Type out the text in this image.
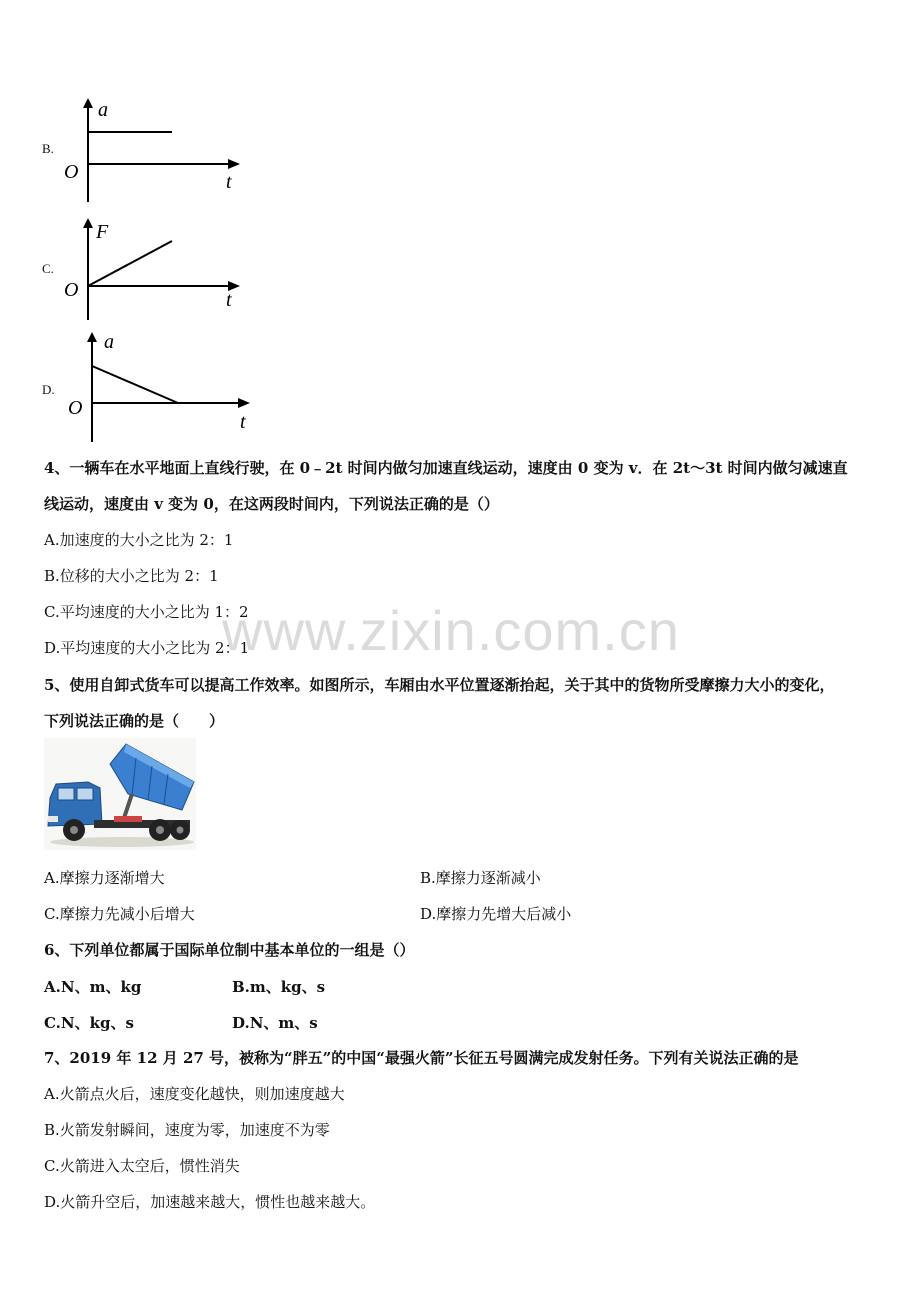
B.
a
O	t
C.
F
O	t
D.
a
O
t
4、一辆车在水平地面上直线行驶，在 0﹣2t 时间内做匀加速直线运动，速度由 0 变为 v．在 2t～3t 时间内做匀减速直
线运动，速度由 v 变为 0，在这两段时间内，下列说法正确的是（）
A.加速度的大小之比为 2：1
B.位移的大小之比为 2：1
C.平均速度的大小之比为 1：2
D.平均速度的大小之比为 2：1
www.zixin.com.cn
5、使用自卸式货车可以提高工作效率。如图所示，车厢由水平位置逐渐抬起，关于其中的货物所受摩擦力大小的变化，
下列说法正确的是（　　）
A.摩擦力逐渐增大	B.摩擦力逐渐减小
C.摩擦力先减小后增大	D.摩擦力先增大后减小
6、下列单位都属于国际单位制中基本单位的一组是（）
A.N、m、kg	B.m、kg、s
C.N、kg、s	D.N、m、s
7、2019 年 12 月 27 号，被称为“胖五”的中国“最强火箭”长征五号圆满完成发射任务。下列有关说法正确的是
A.火箭点火后，速度变化越快，则加速度越大
B.火箭发射瞬间，速度为零，加速度不为零
C.火箭进入太空后，惯性消失
D.火箭升空后，加速越来越大，惯性也越来越大。
